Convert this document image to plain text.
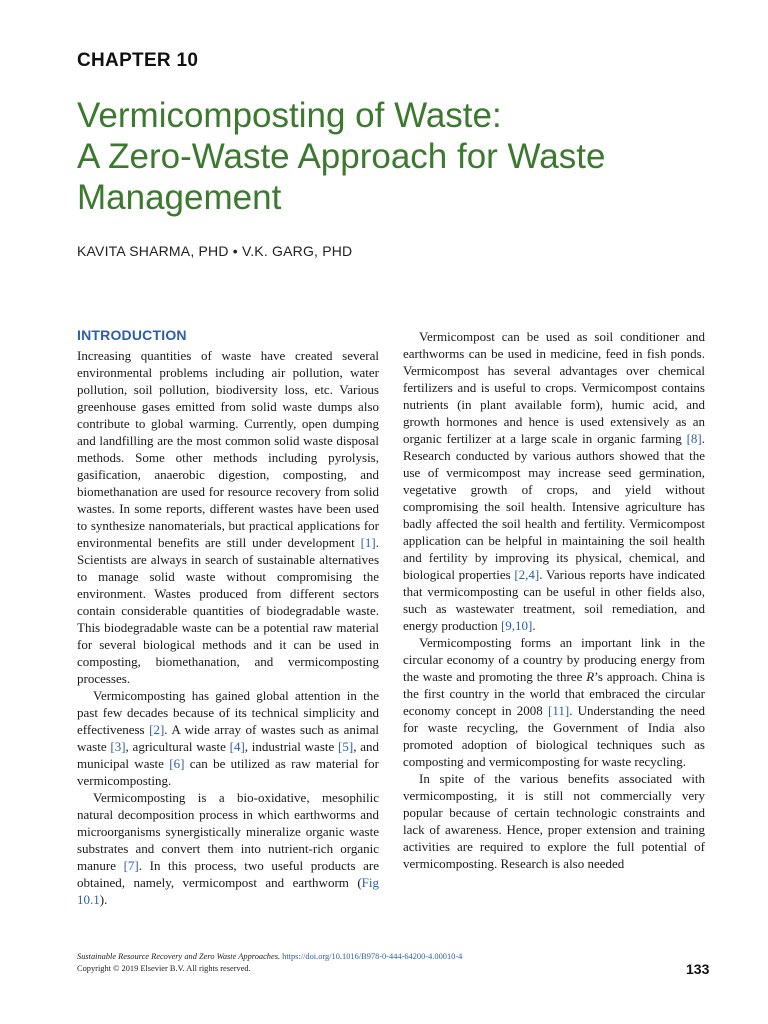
CHAPTER 10
Vermicomposting of Waste:
A Zero-Waste Approach for Waste
Management
KAVITA SHARMA, PHD • V.K. GARG, PHD
INTRODUCTION

Increasing quantities of waste have created several environmental problems including air pollution, water pollution, soil pollution, biodiversity loss, etc. Various greenhouse gases emitted from solid waste dumps also contribute to global warming. Currently, open dumping and landfilling are the most common solid waste disposal methods. Some other methods including pyrolysis, gasification, anaerobic digestion, composting, and biomethanation are used for resource recovery from solid wastes. In some reports, different wastes have been used to synthesize nanomaterials, but practical applications for environmental benefits are still under development [1]. Scientists are always in search of sustainable alternatives to manage solid waste without compromising the environment. Wastes produced from different sectors contain considerable quantities of biodegradable waste. This biodegradable waste can be a potential raw material for several biological methods and it can be used in composting, biomethanation, and vermicomposting processes.

Vermicomposting has gained global attention in the past few decades because of its technical simplicity and effectiveness [2]. A wide array of wastes such as animal waste [3], agricultural waste [4], industrial waste [5], and municipal waste [6] can be utilized as raw material for vermicomposting.

Vermicomposting is a bio-oxidative, mesophilic natural decomposition process in which earthworms and microorganisms synergistically mineralize organic waste substrates and convert them into nutrient-rich organic manure [7]. In this process, two useful products are obtained, namely, vermicompost and earthworm (Fig 10.1).

Vermicompost can be used as soil conditioner and earthworms can be used in medicine, feed in fish ponds. Vermicompost has several advantages over chemical fertilizers and is useful to crops. Vermicompost contains nutrients (in plant available form), humic acid, and growth hormones and hence is used extensively as an organic fertilizer at a large scale in organic farming [8]. Research conducted by various authors showed that the use of vermicompost may increase seed germination, vegetative growth of crops, and yield without compromising the soil health. Intensive agriculture has badly affected the soil health and fertility. Vermicompost application can be helpful in maintaining the soil health and fertility by improving its physical, chemical, and biological properties [2,4]. Various reports have indicated that vermicomposting can be useful in other fields also, such as wastewater treatment, soil remediation, and energy production [9,10].

Vermicomposting forms an important link in the circular economy of a country by producing energy from the waste and promoting the three R’s approach. China is the first country in the world that embraced the circular economy concept in 2008 [11]. Understanding the need for waste recycling, the Government of India also promoted adoption of biological techniques such as composting and vermicomposting for waste recycling.

In spite of the various benefits associated with vermicomposting, it is still not commercially very popular because of certain technologic constraints and lack of awareness. Hence, proper extension and training activities are required to explore the full potential of vermicomposting. Research is also needed

Sustainable Resource Recovery and Zero Waste Approaches. https://doi.org/10.1016/B978-0-444-64200-4.00010-4
Copyright © 2019 Elsevier B.V. All rights reserved.	133
